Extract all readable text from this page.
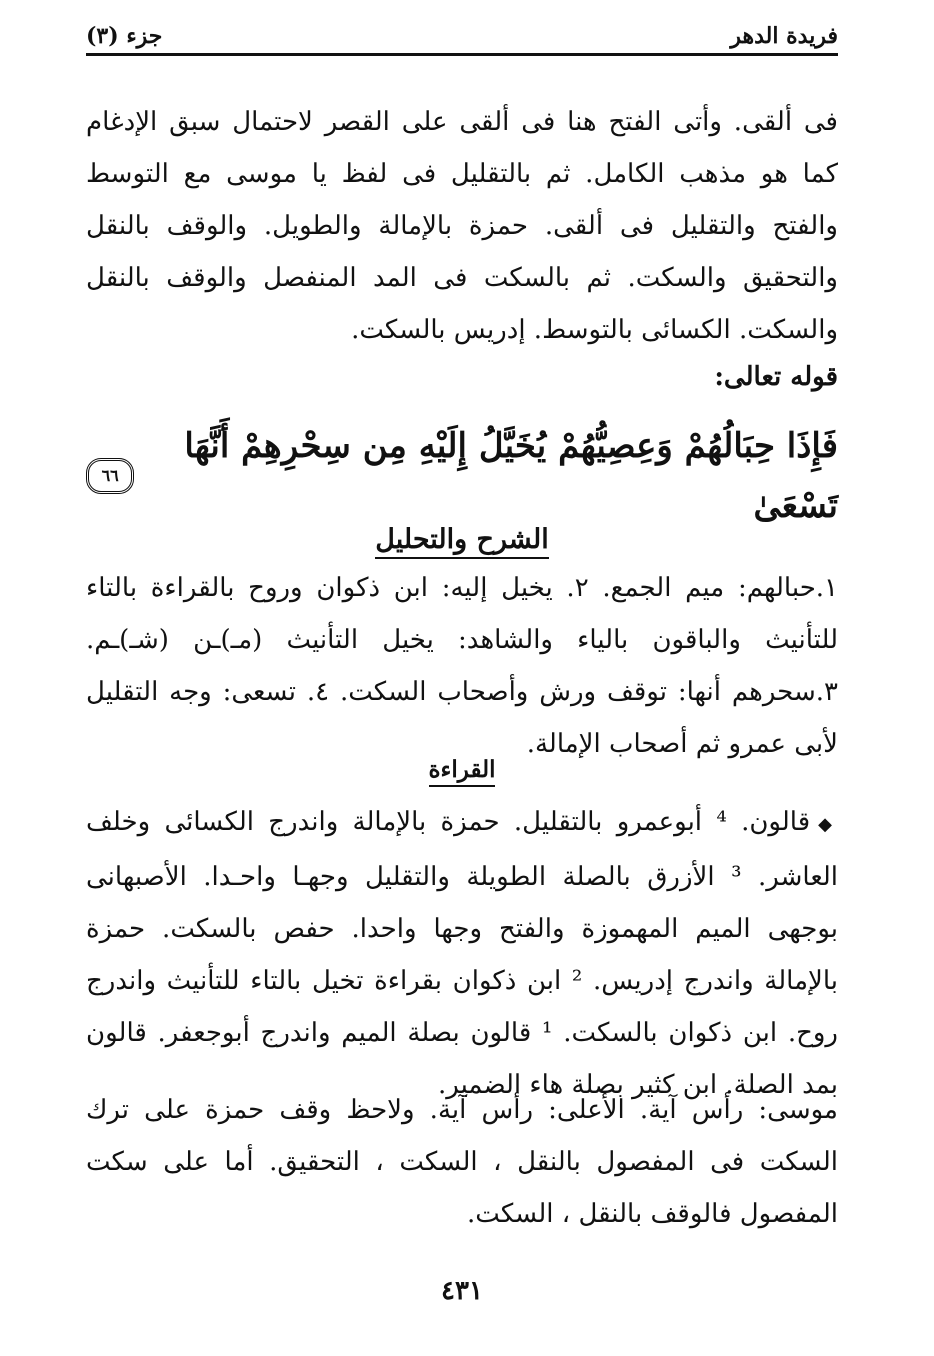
فريدة الدهر
جزء (٣)
فى ألقى. وأتى الفتح هنا فى ألقى على القصر لاحتمال سبق الإدغام كما هو مذهب الكامل. ثم بالتقليل فى لفظ يا موسى مع التوسط والفتح والتقليل فى ألقى. حمزة بالإمالة والطويل. والوقف بالنقل والتحقيق والسكت. ثم بالسكت فى المد المنفصل والوقف بالنقل والسكت. الكسائى بالتوسط. إدريس بالسكت.
قوله تعالى:
فَإِذَا حِبَالُهُمْ وَعِصِيُّهُمْ يُخَيَّلُ إِلَيْهِ مِن سِحْرِهِمْ أَنَّهَا تَسْعَىٰ
٦٦
الشرح والتحليل
١.حبالهم: ميم الجمع. ٢. يخيل إليه: ابن ذكوان وروح بالقراءة بالتاء للتأنيث والباقون بالياء والشاهد: يخيل التأنيث (مـ)ـن (شـ)ـم. ٣.سحرهم أنها: توقف ورش وأصحاب السكت. ٤. تسعى: وجه التقليل لأبى عمرو ثم أصحاب الإمالة.
القراءة
◆قالون. ⁴ أبوعمرو بالتقليل. حمزة بالإمالة واندرج الكسائى وخلف العاشر. ³ الأزرق بالصلة الطويلة والتقليل وجهـا واحـدا. الأصبهانى بوجهى الميم المهموزة والفتح وجها واحدا. حفص بالسكت. حمزة بالإمالة واندرج إدريس. ² ابن ذكوان بقراءة تخيل بالتاء للتأنيث واندرج روح. ابن ذكوان بالسكت. ¹ قالون بصلة الميم واندرج أبوجعفر. قالون بمد الصلة. ابن كثير بصلة هاء الضمير.
موسى: رأس آية. الأعلى: رأس آية. ولاحظ وقف حمزة على ترك السكت فى المفصول بالنقل ، السكت ، التحقيق. أما على سكت المفصول فالوقف بالنقل ، السكت.
٤٣١
